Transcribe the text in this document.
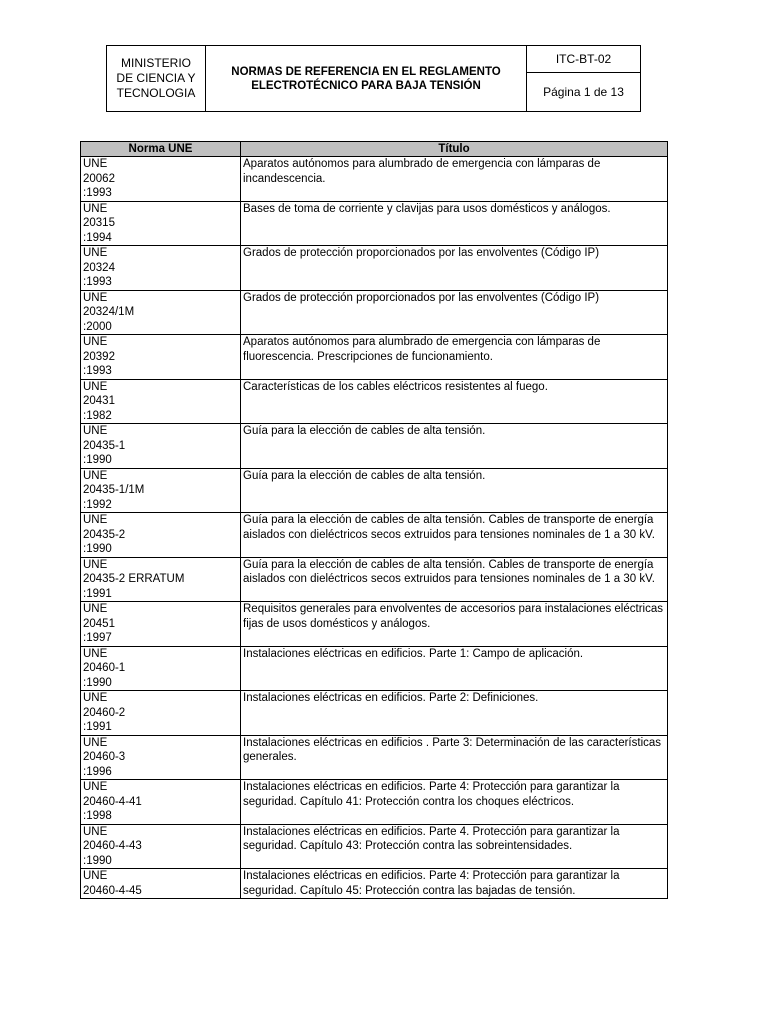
MINISTERIO
DE CIENCIA Y
TECNOLOGIA
NORMAS DE REFERENCIA EN EL REGLAMENTO
ELECTROTÉCNICO PARA BAJA TENSIÓN
ITC-BT-02
Página 1 de 13
Norma UNE	Título

UNE
20062
:1993	Aparatos autónomos para alumbrado de emergencia con lámparas de incandescencia.

UNE
20315
:1994	Bases de toma de corriente y clavijas para usos domésticos y análogos.

UNE
20324
:1993	Grados de protección proporcionados por las envolventes (Código IP)

UNE
20324/1M
:2000	Grados de protección proporcionados por las envolventes (Código IP)

UNE
20392
:1993	Aparatos autónomos para alumbrado de emergencia con lámparas de fluorescencia. Prescripciones de funcionamiento.

UNE
20431
:1982	Características de los cables eléctricos resistentes al fuego.

UNE
20435-1
:1990	Guía para la elección de cables de alta tensión.

UNE
20435-1/1M
:1992	Guía para la elección de cables de alta tensión.

UNE
20435-2
:1990	Guía para la elección de cables de alta tensión. Cables de transporte de energía aislados con dieléctricos secos extruidos para tensiones nominales de 1 a 30 kV.

UNE
20435-2 ERRATUM
:1991	Guía para la elección de cables de alta tensión. Cables de transporte de energía aislados con dieléctricos secos extruidos para tensiones nominales de 1 a 30 kV.

UNE
20451
:1997	Requisitos generales para envolventes de accesorios para instalaciones eléctricas fijas de usos domésticos y análogos.

UNE
20460-1
:1990	Instalaciones eléctricas en edificios. Parte 1: Campo de aplicación.

UNE
20460-2
:1991	Instalaciones eléctricas en edificios. Parte 2: Definiciones.

UNE
20460-3
:1996	Instalaciones eléctricas en edificios . Parte 3: Determinación de las características generales.

UNE
20460-4-41
:1998	Instalaciones eléctricas en edificios. Parte 4: Protección para garantizar la seguridad. Capítulo 41: Protección contra los choques eléctricos.

UNE
20460-4-43
:1990	Instalaciones eléctricas en edificios. Parte 4. Protección para garantizar la seguridad. Capítulo 43: Protección contra las sobreintensidades.

UNE
20460-4-45	Instalaciones eléctricas en edificios. Parte 4: Protección para garantizar la seguridad. Capítulo 45: Protección contra las bajadas de tensión.
